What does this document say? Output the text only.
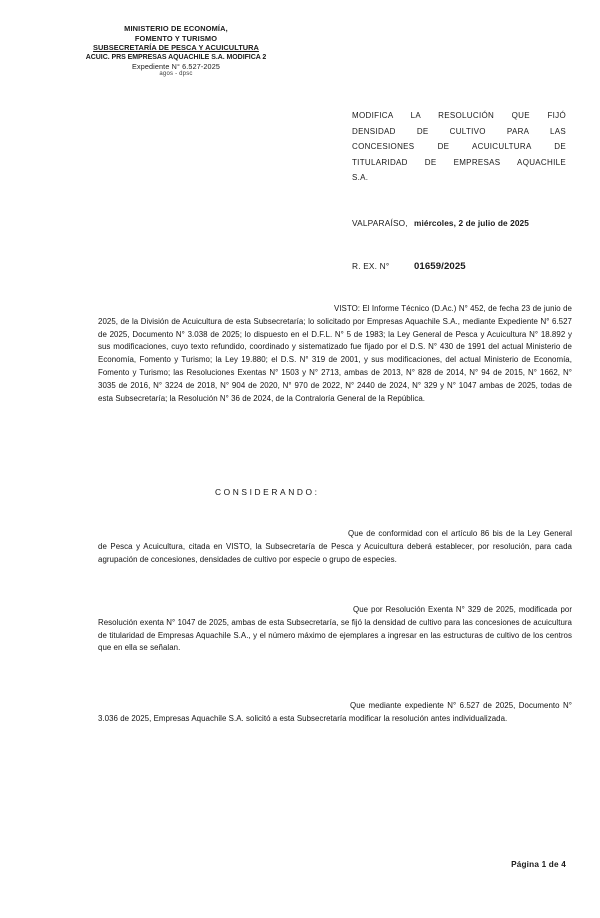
MINISTERIO DE ECONOMÍA,
FOMENTO Y TURISMO
SUBSECRETARÍA DE PESCA Y ACUICULTURA
ACUIC. PRS EMPRESAS AQUACHILE S.A. MODIFICA 2
Expediente N° 6.527-2025
agos - dpsc
MODIFICA LA RESOLUCIÓN QUE FIJÓ
DENSIDAD DE CULTIVO PARA LAS
CONCESIONES DE ACUICULTURA DE
TITULARIDAD DE EMPRESAS AQUACHILE
S.A.
VALPARAÍSO, miércoles, 2 de julio de 2025
R. EX. N°	01659/2025
VISTO: El Informe Técnico (D.Ac.) N° 452, de fecha 23 de junio de 2025, de la División de Acuicultura de esta Subsecretaría; lo solicitado por Empresas Aquachile S.A., mediante Expediente N° 6.527 de 2025, Documento N° 3.038 de 2025; lo dispuesto en el D.F.L. N° 5 de 1983; la Ley General de Pesca y Acuicultura N° 18.892 y sus modificaciones, cuyo texto refundido, coordinado y sistematizado fue fijado por el D.S. N° 430 de 1991 del actual Ministerio de Economía, Fomento y Turismo; la Ley 19.880; el D.S. N° 319 de 2001, y sus modificaciones, del actual Ministerio de Economía, Fomento y Turismo; las Resoluciones Exentas N° 1503 y N° 2713, ambas de 2013, N° 828 de 2014, N° 94 de 2015, N° 1662, N° 3035 de 2016, N° 3224 de 2018, N° 904 de 2020, N° 970 de 2022, N° 2440 de 2024, N° 329 y N° 1047 ambas de 2025, todas de esta Subsecretaría; la Resolución N° 36 de 2024, de la Contraloría General de la República.
CONSIDERANDO:
Que de conformidad con el artículo 86 bis de la Ley General de Pesca y Acuicultura, citada en VISTO, la Subsecretaría de Pesca y Acuicultura deberá establecer, por resolución, para cada agrupación de concesiones, densidades de cultivo por especie o grupo de especies.
Que por Resolución Exenta N° 329 de 2025, modificada por Resolución exenta N° 1047 de 2025, ambas de esta Subsecretaría, se fijó la densidad de cultivo para las concesiones de acuicultura de titularidad de Empresas Aquachile S.A., y el número máximo de ejemplares a ingresar en las estructuras de cultivo de los centros que en ella se señalan.
Que mediante expediente N° 6.527 de 2025, Documento N° 3.036 de 2025, Empresas Aquachile S.A. solicitó a esta Subsecretaría modificar la resolución antes individualizada.
Página 1 de 4
